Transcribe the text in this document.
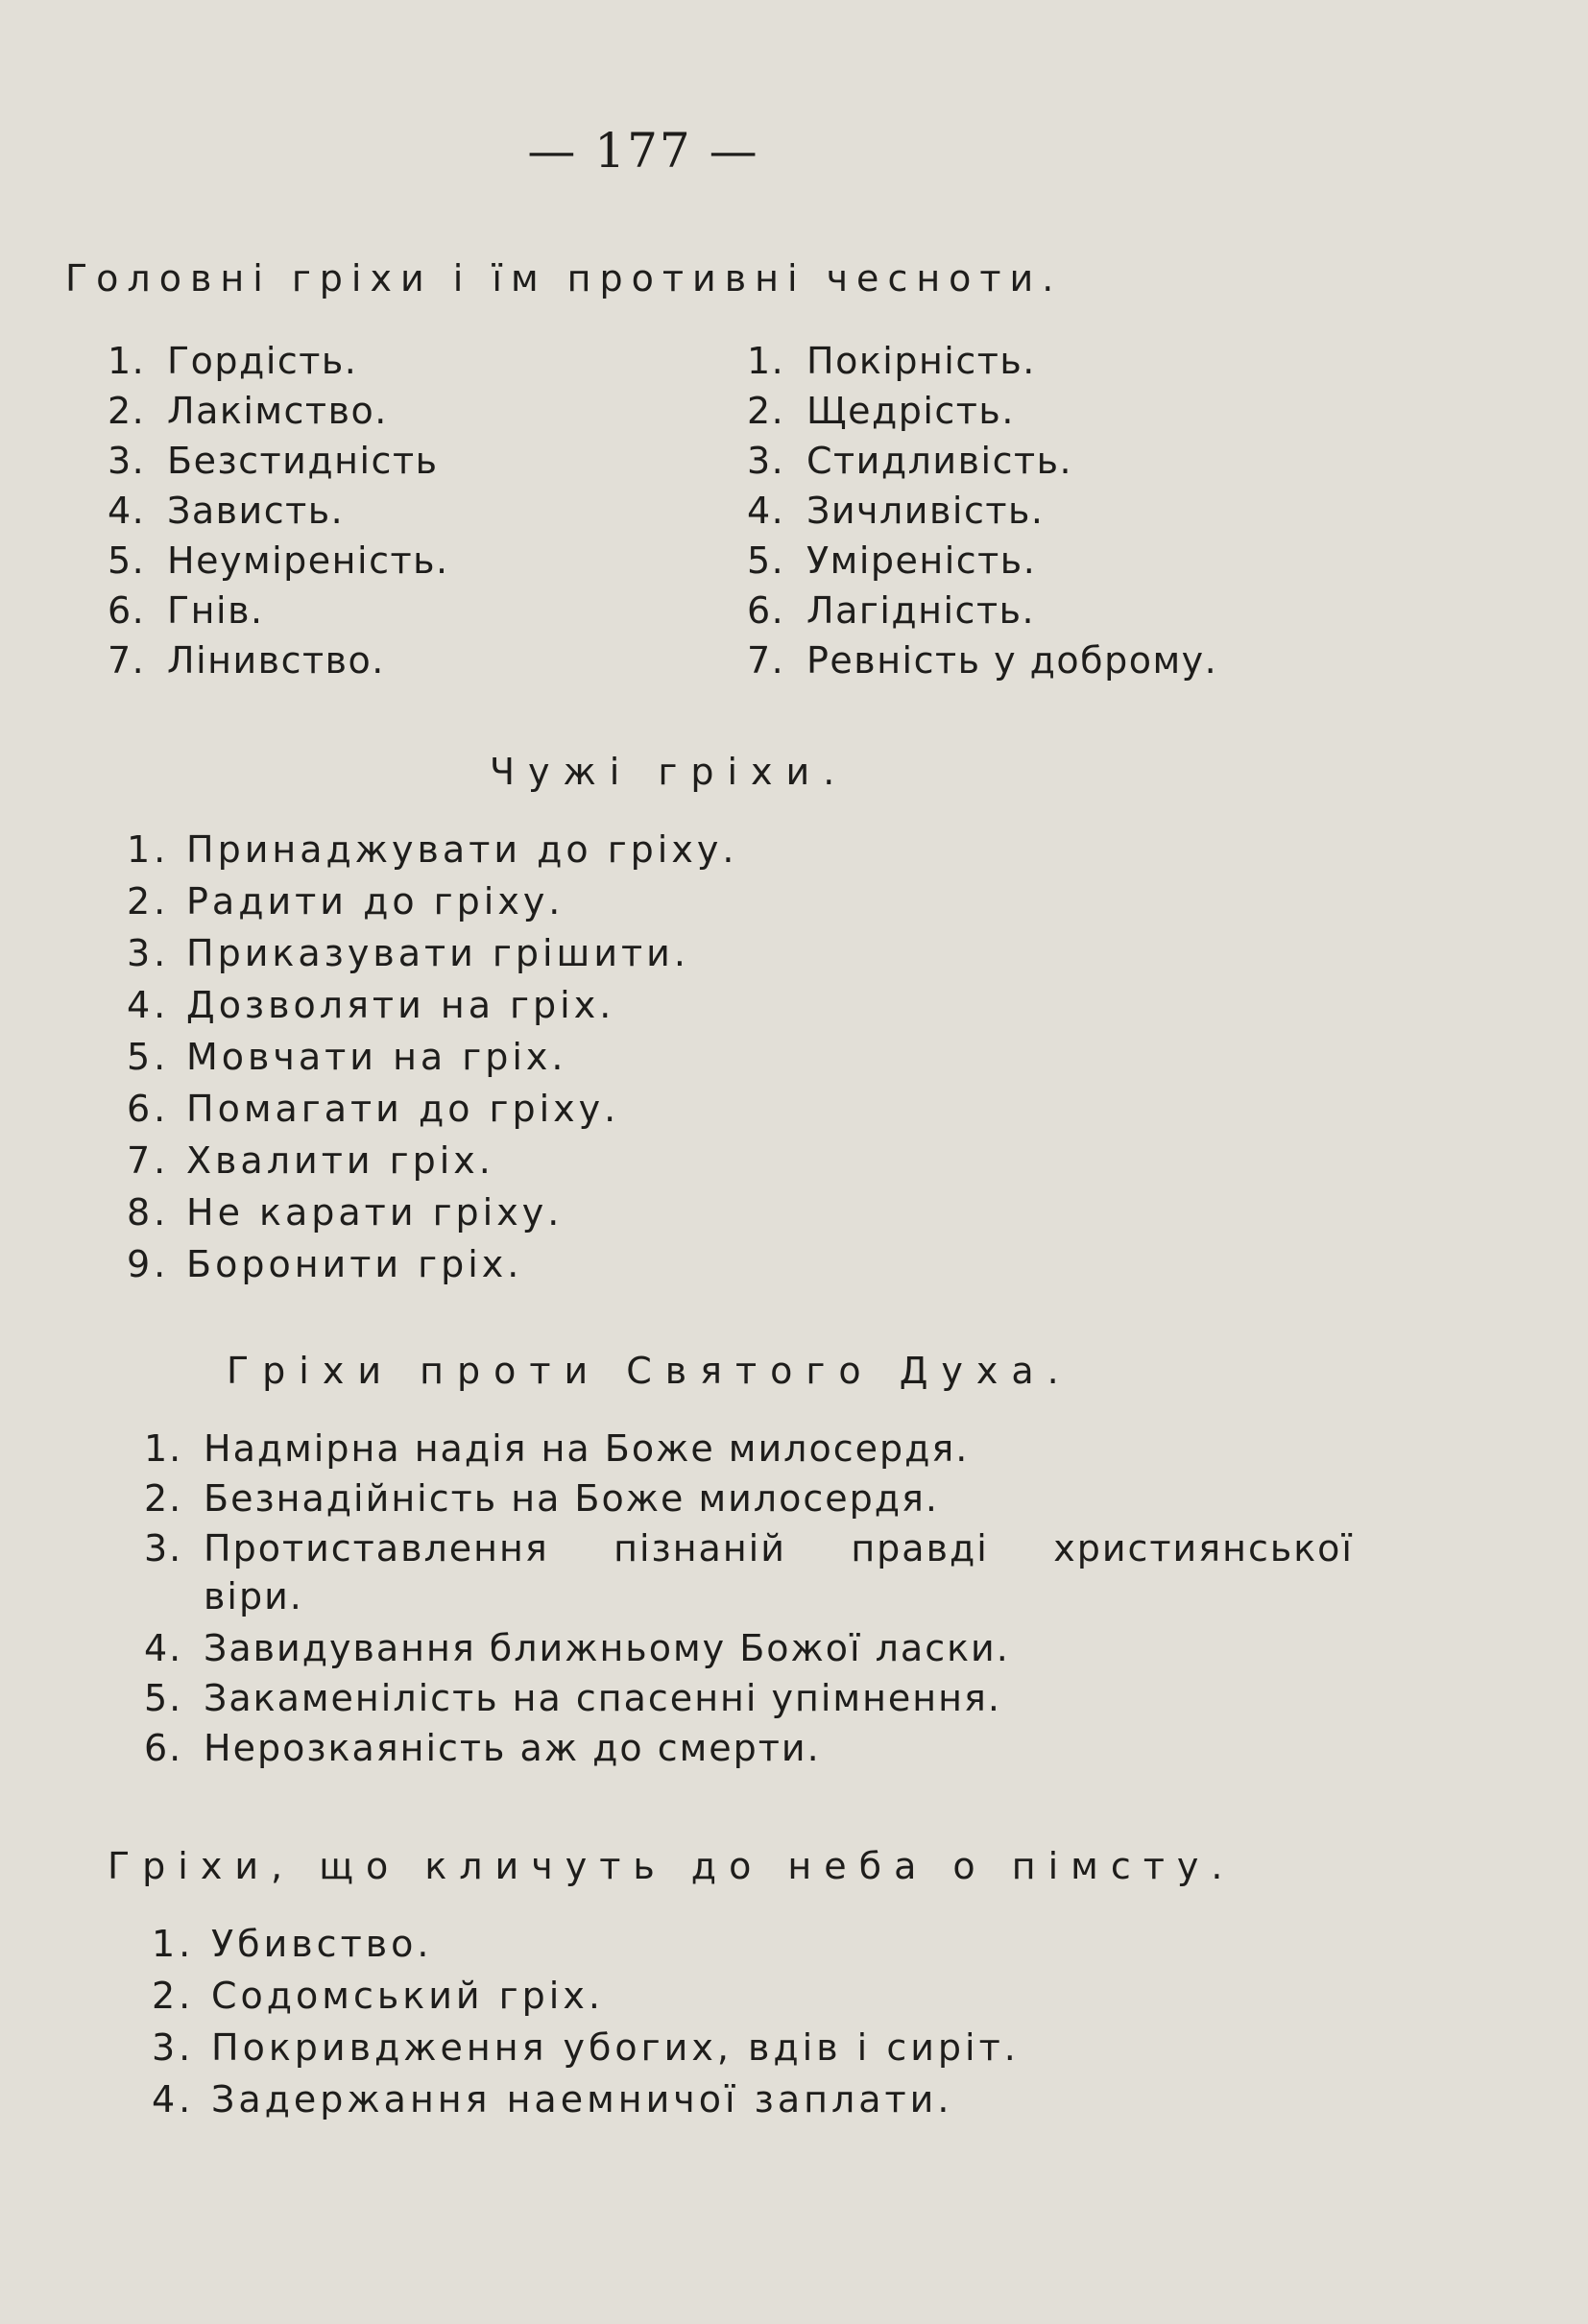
— 177 —
Головні гріхи і їм противні чесноти.
1. Гордість.
2. Лакімство.
3. Безстидність
4. Завиcть.
5. Неуміреність.
6. Гнів.
7. Лінивство.
1. Покірність.
2. Щедрість.
3. Стидливість.
4. Зичливість.
5. Уміреність.
6. Лагідність.
7. Ревність у доброму.
Чужі гріхи.
1. Принаджувати до гріху.
2. Радити до гріху.
3. Приказувати грішити.
4. Дозволяти на гріх.
5. Мовчати на гріх.
6. Помагати до гріху.
7. Хвалити гріх.
8. Не карати гріху.
9. Боронити гріх.
Гріхи проти Святого Духа.
1. Надмірна надія на Боже милосердя.
2. Безнадійність на Боже милосердя.
3. Протиставлення пізнаній правді християнської віри.
4. Завидування ближньому Божої ласки.
5. Закаменілість на спасенні упімнення.
6. Нерозкаяність аж до смерти.
Гріхи, що кличуть до неба о пімсту.
1. Убивство.
2. Содомський гріх.
3. Покривдження убогих, вдів і сиріт.
4. Задержання наемничої заплати.
